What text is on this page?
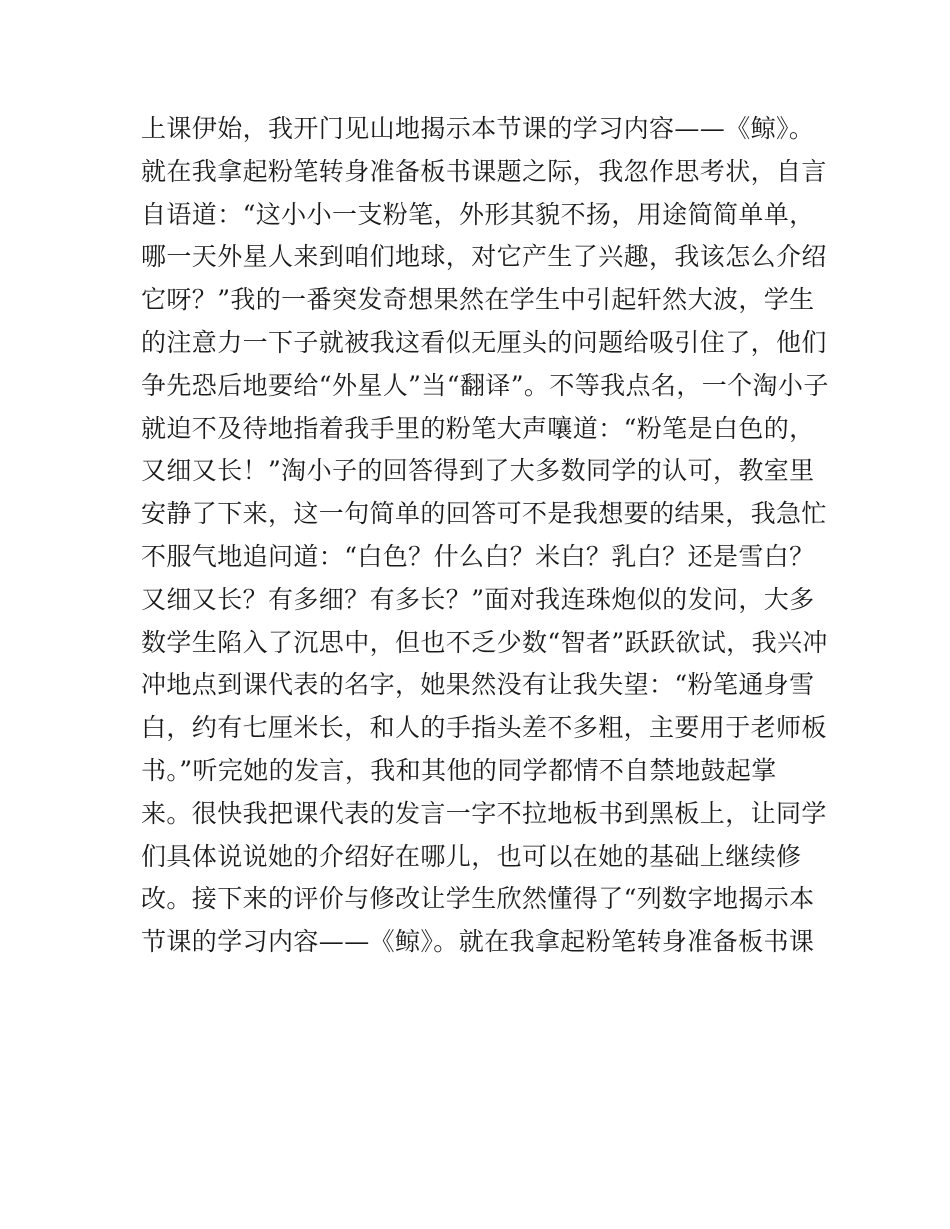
上课伊始，我开门见山地揭示本节课的学习内容——《鲸》。
就在我拿起粉笔转身准备板书课题之际，我忽作思考状，自言
自语道：“这小小一支粉笔，外形其貌不扬，用途简简单单，
哪一天外星人来到咱们地球，对它产生了兴趣，我该怎么介绍
它呀？”我的一番突发奇想果然在学生中引起轩然大波，学生
的注意力一下子就被我这看似无厘头的问题给吸引住了，他们
争先恐后地要给“外星人”当“翻译”。不等我点名，一个淘小子
就迫不及待地指着我手里的粉笔大声嚷道：“粉笔是白色的，
又细又长！”淘小子的回答得到了大多数同学的认可，教室里
安静了下来，这一句简单的回答可不是我想要的结果，我急忙
不服气地追问道：“白色？什么白？米白？乳白？还是雪白？
又细又长？有多细？有多长？”面对我连珠炮似的发问，大多
数学生陷入了沉思中，但也不乏少数“智者”跃跃欲试，我兴冲
冲地点到课代表的名字，她果然没有让我失望：“粉笔通身雪
白，约有七厘米长，和人的手指头差不多粗，主要用于老师板
书。”听完她的发言，我和其他的同学都情不自禁地鼓起掌
来。很快我把课代表的发言一字不拉地板书到黑板上，让同学
们具体说说她的介绍好在哪儿，也可以在她的基础上继续修
改。接下来的评价与修改让学生欣然懂得了“列数字地揭示本
节课的学习内容——《鲸》。就在我拿起粉笔转身准备板书课
